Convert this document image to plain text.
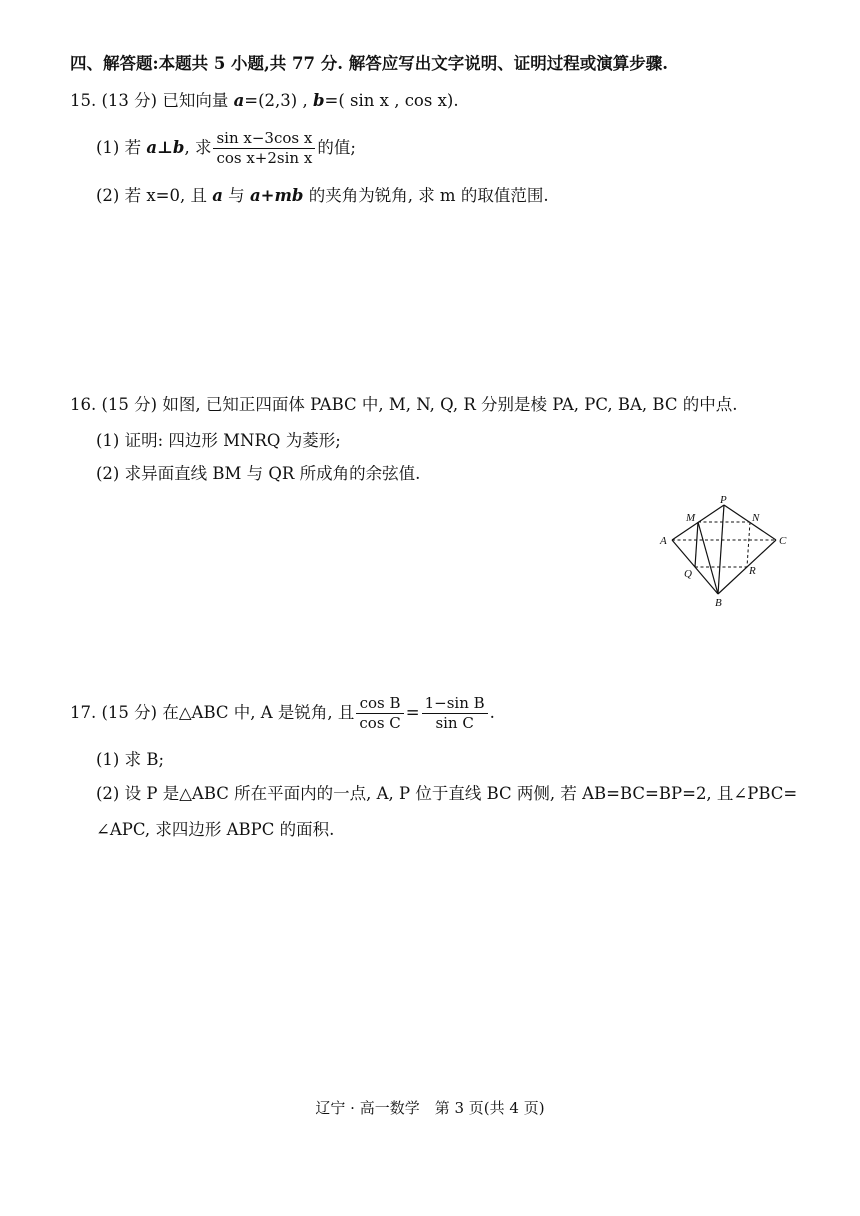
四、解答题:本题共 5 小题,共 77 分. 解答应写出文字说明、证明过程或演算步骤.
15. (13 分) 已知向量 a=(2,3) , b=( sin x , cos x).
(1) 若 a⊥b, 求 $\frac{\text{sin x−3cos x}}{\text{cos x+2sin x}}$ 的值;
(2) 若 x=0, 且 a 与 a+mb 的夹角为锐角, 求 m 的取值范围.
16. (15 分) 如图, 已知正四面体 PABC 中, M, N, Q, R 分别是棱 PA, PC, BA, BC 的中点.
(1) 证明: 四边形 MNRQ 为菱形;
(2) 求异面直线 BM 与 QR 所成角的余弦值.
P
M	N
A	C
Q	R
B
17. (15 分) 在△ABC 中, A 是锐角, 且 $\frac{\text{cos B}}{\text{cos C}} = \frac{\text{1−sin B}}{\text{sin C}}$ .
(1) 求 B;
(2) 设 P 是△ABC 所在平面内的一点, A, P 位于直线 BC 两侧, 若 AB=BC=BP=2, 且∠PBC=
∠APC, 求四边形 ABPC 的面积.
辽宁 · 高一数学　第 3 页(共 4 页)
